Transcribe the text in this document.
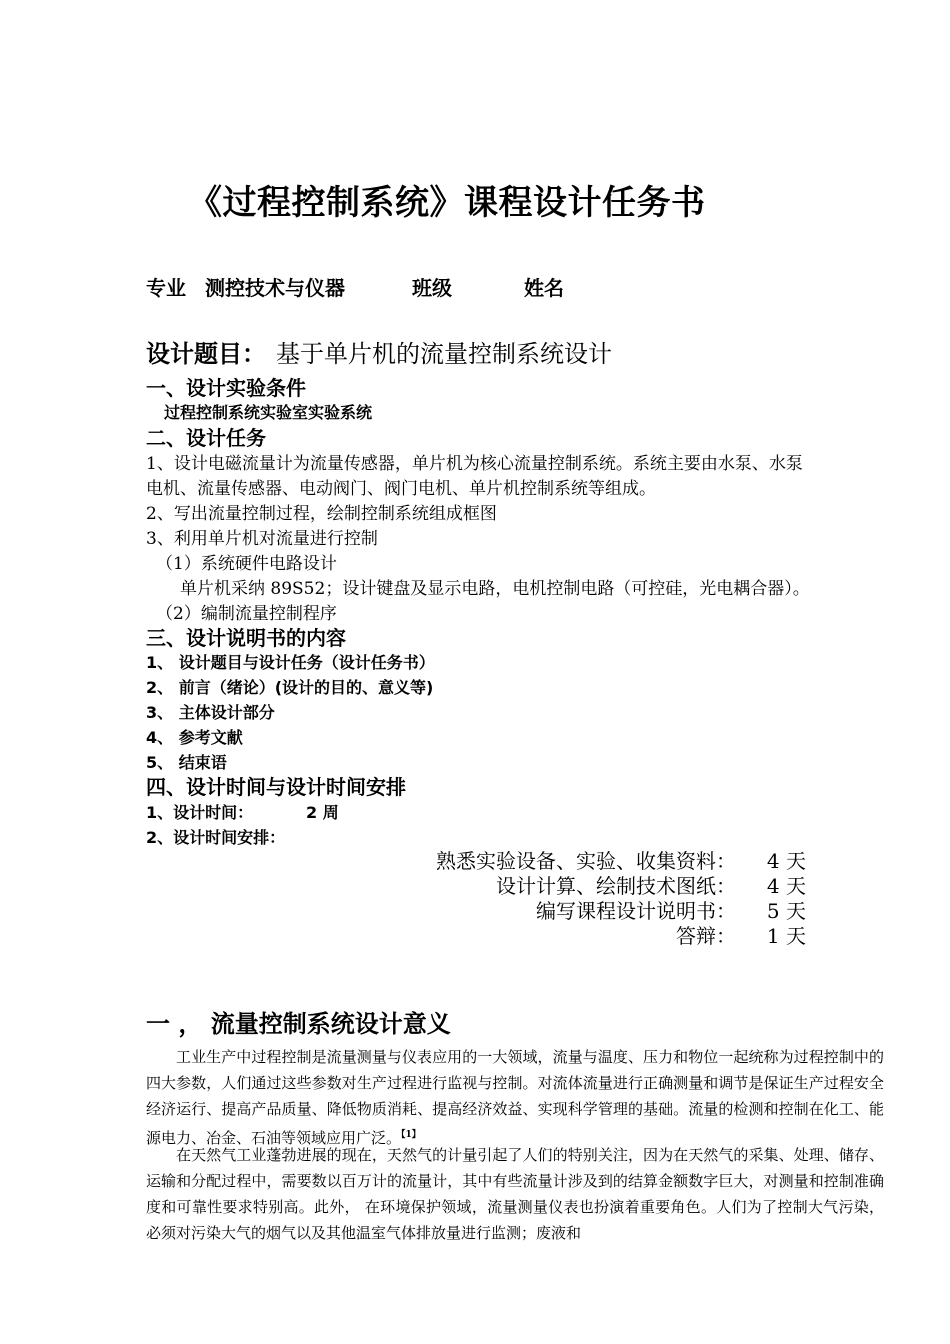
《过程控制系统》课程设计任务书
专业 测控技术与仪器	班级	姓名
设计题目： 基于单片机的流量控制系统设计
一、设计实验条件
过程控制系统实验室实验系统
二、设计任务
1、设计电磁流量计为流量传感器，单片机为核心流量控制系统。系统主要由水泵、水泵
电机、流量传感器、电动阀门、阀门电机、单片机控制系统等组成。
2、写出流量控制过程，绘制控制系统组成框图
3、利用单片机对流量进行控制
（1）系统硬件电路设计
单片机采纳 89S52；设计键盘及显示电路，电机控制电路（可控硅，光电耦合器）。
（2）编制流量控制程序
三、设计说明书的内容
1、 设计题目与设计任务（设计任务书）
2、 前言（绪论）(设计的目的、意义等)
3、 主体设计部分
4、 参考文献
5、 结束语
四、设计时间与设计时间安排
1、设计时间：	2 周
2、设计时间安排：
熟悉实验设备、实验、收集资料： 4 天
设计计算、绘制技术图纸： 4 天
编写课程设计说明书： 5 天
答辩： 1 天
一 ， 流量控制系统设计意义
工业生产中过程控制是流量测量与仪表应用的一大领域，流量与温度、压力和物位一起统称为过程控制中的四大参数，人们通过这些参数对生产过程进行监视与控制。对流体流量进行正确测量和调节是保证生产过程安全经济运行、提高产品质量、降低物质消耗、提高经济效益、实现科学管理的基础。流量的检测和控制在化工、能源电力、冶金、石油等领域应用广泛。$^{【1】}$
在天然气工业蓬勃进展的现在，天然气的计量引起了人们的特别关注，因为在天然气的采集、处理、储存、运输和分配过程中，需要数以百万计的流量计，其中有些流量计涉及到的结算金额数字巨大，对测量和控制准确度和可靠性要求特别高。此外， 在环境保护领域，流量测量仪表也扮演着重要角色。人们为了控制大气污染，必须对污染大气的烟气以及其他温室气体排放量进行监测；废液和
